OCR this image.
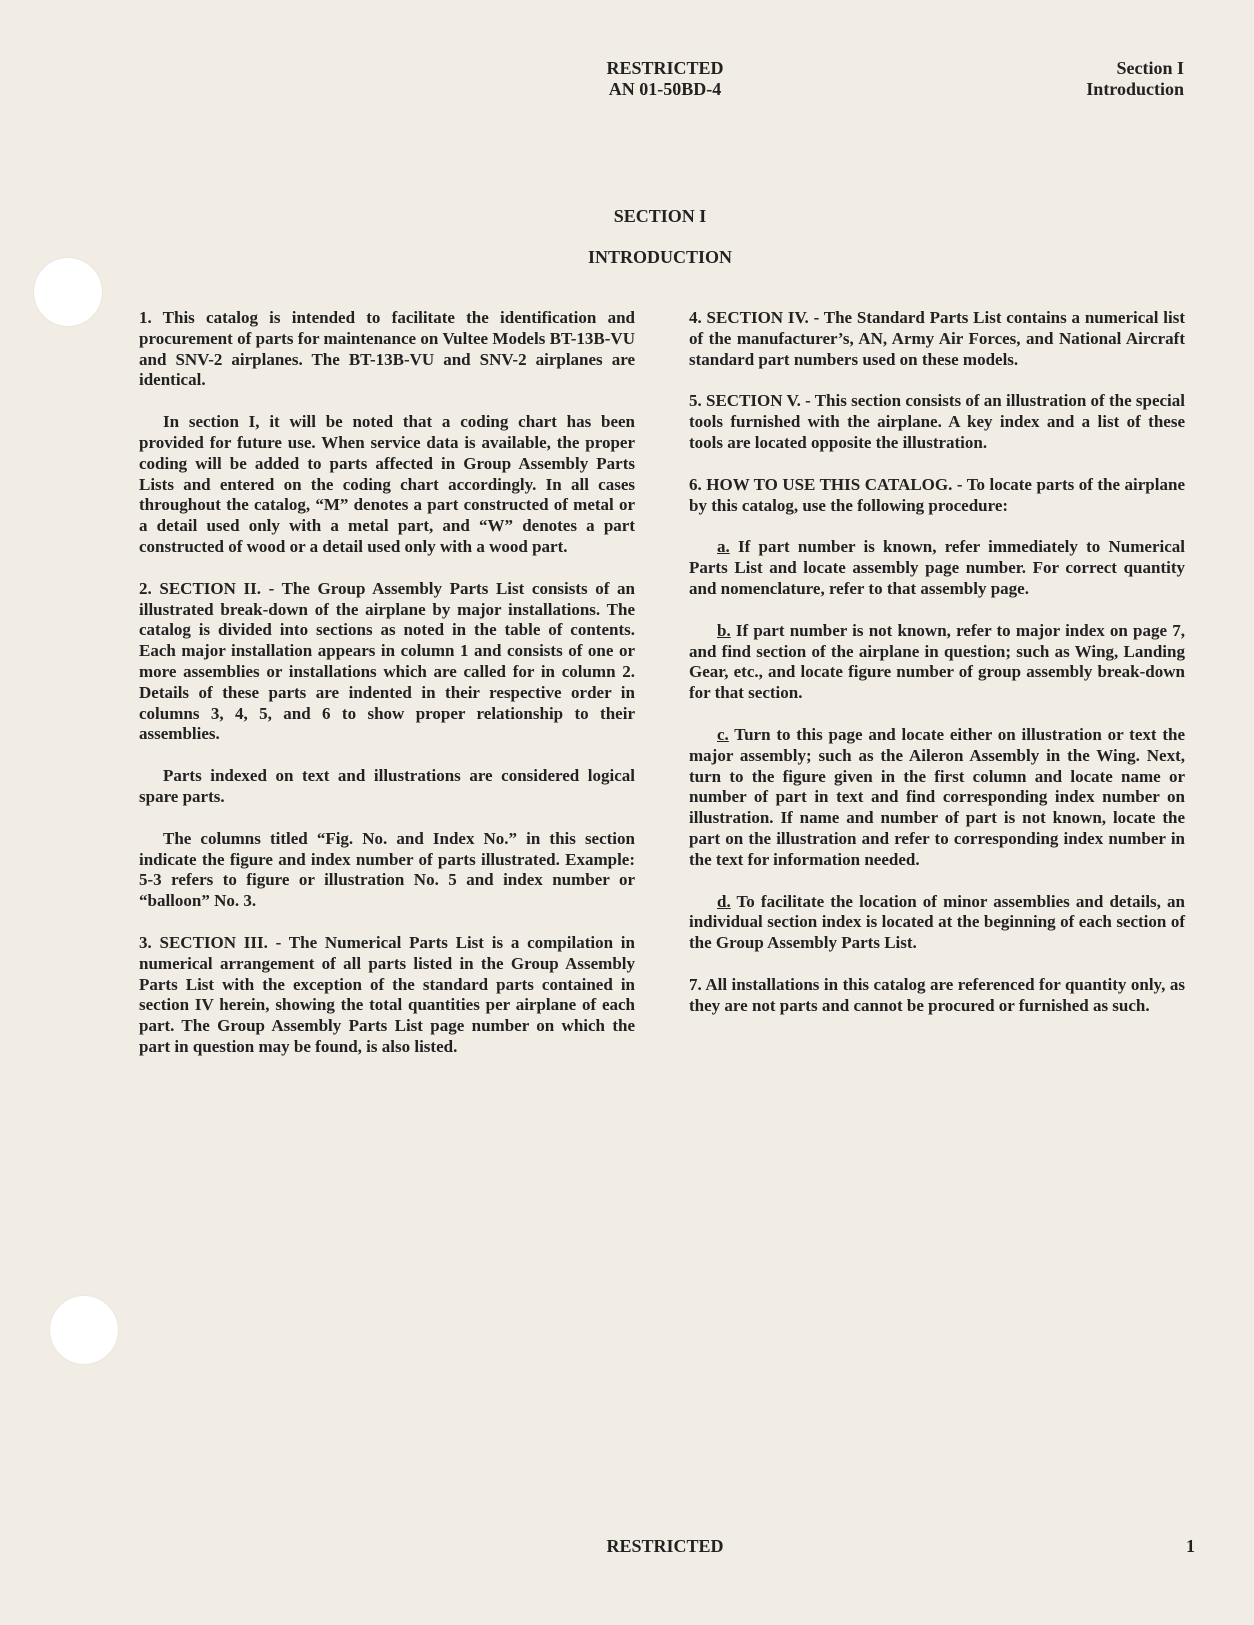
RESTRICTED
AN 01-50BD-4
Section I
Introduction
SECTION I
INTRODUCTION

1. This catalog is intended to facilitate the identification and procurement of parts for maintenance on Vultee Models BT-13B-VU and SNV-2 airplanes. The BT-13B-VU and SNV-2 airplanes are identical.

In section I, it will be noted that a coding chart has been provided for future use. When service data is available, the proper coding will be added to parts affected in Group Assembly Parts Lists and entered on the coding chart accordingly. In all cases throughout the catalog, “M” denotes a part constructed of metal or a detail used only with a metal part, and “W” denotes a part constructed of wood or a detail used only with a wood part.

2. SECTION II. - The Group Assembly Parts List consists of an illustrated break-down of the airplane by major installations. The catalog is divided into sections as noted in the table of contents. Each major installation appears in column 1 and consists of one or more assemblies or installations which are called for in column 2. Details of these parts are indented in their respective order in columns 3, 4, 5, and 6 to show proper relationship to their assemblies.

Parts indexed on text and illustrations are considered logical spare parts.

The columns titled “Fig. No. and Index No.” in this section indicate the figure and index number of parts illustrated. Example: 5-3 refers to figure or illustration No. 5 and index number or “balloon” No. 3.

3. SECTION III. - The Numerical Parts List is a compilation in numerical arrangement of all parts listed in the Group Assembly Parts List with the exception of the standard parts contained in section IV herein, showing the total quantities per airplane of each part. The Group Assembly Parts List page number on which the part in question may be found, is also listed.

4. SECTION IV. - The Standard Parts List contains a numerical list of the manufacturer’s, AN, Army Air Forces, and National Aircraft standard part numbers used on these models.

5. SECTION V. - This section consists of an illustration of the special tools furnished with the airplane. A key index and a list of these tools are located opposite the illustration.

6. HOW TO USE THIS CATALOG. - To locate parts of the airplane by this catalog, use the following procedure:

a. If part number is known, refer immediately to Numerical Parts List and locate assembly page number. For correct quantity and nomenclature, refer to that assembly page.

b. If part number is not known, refer to major index on page 7, and find section of the airplane in question; such as Wing, Landing Gear, etc., and locate figure number of group assembly break-down for that section.

c. Turn to this page and locate either on illustration or text the major assembly; such as the Aileron Assembly in the Wing. Next, turn to the figure given in the first column and locate name or number of part in text and find corresponding index number on illustration. If name and number of part is not known, locate the part on the illustration and refer to corresponding index number in the text for information needed.

d. To facilitate the location of minor assemblies and details, an individual section index is located at the beginning of each section of the Group Assembly Parts List.

7. All installations in this catalog are referenced for quantity only, as they are not parts and cannot be procured or furnished as such.

RESTRICTED	1
